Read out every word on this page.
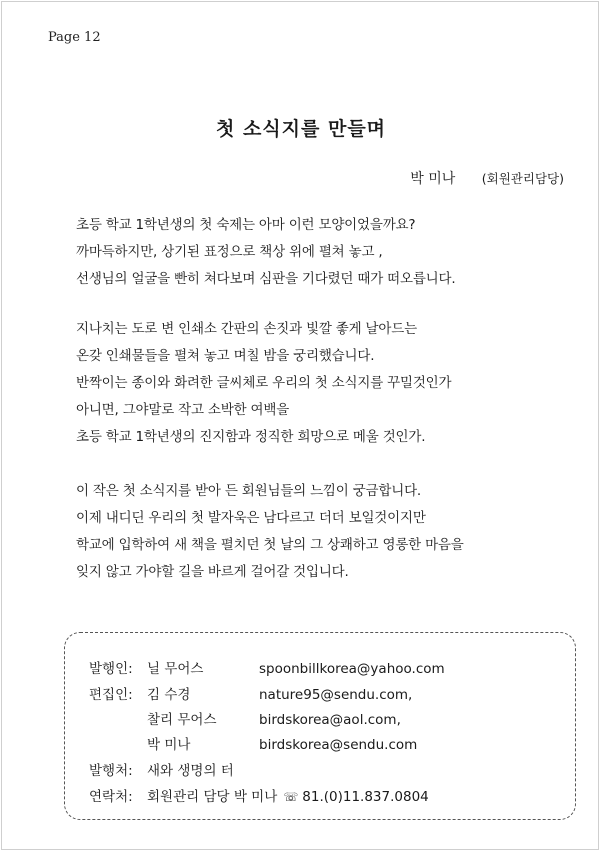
Page 12
첫 소식지를 만들며
박 미나 (회원관리담당)
초등 학교 1학년생의 첫 숙제는 아마 이런 모양이었을까요?
까마득하지만, 상기된 표정으로 책상 위에 펼쳐 놓고 ,
선생님의 얼굴을 빤히 쳐다보며 심판을 기다렸던 때가 떠오릅니다.
지나치는 도로 변 인쇄소 간판의 손짓과 빛깔 좋게 날아드는
온갖 인쇄물들을 펼쳐 놓고 며칠 밤을 궁리했습니다.
반짝이는 종이와 화려한 글씨체로 우리의 첫 소식지를 꾸밀것인가
아니면, 그야말로 작고 소박한 여백을
초등 학교 1학년생의 진지함과 정직한 희망으로 메울 것인가.
이 작은 첫 소식지를 받아 든 회원님들의 느낌이 궁금합니다.
이제 내디딘 우리의 첫 발자욱은 남다르고 더더 보일것이지만
학교에 입학하여 새 책을 펼치던 첫 날의 그 상쾌하고 영롱한 마음을
잊지 않고 가야할 길을 바르게 걸어갈 것입니다.
발행인: 닐 무어스	spoonbillkorea@yahoo.com
편집인: 김 수경	nature95@sendu.com,
찰리 무어스	birdskorea@aol.com,
박 미나	birdskorea@sendu.com
발행처: 새와 생명의 터
연락처: 회원관리 담당 박 미나 ☏ 81.(0)11.837.0804
